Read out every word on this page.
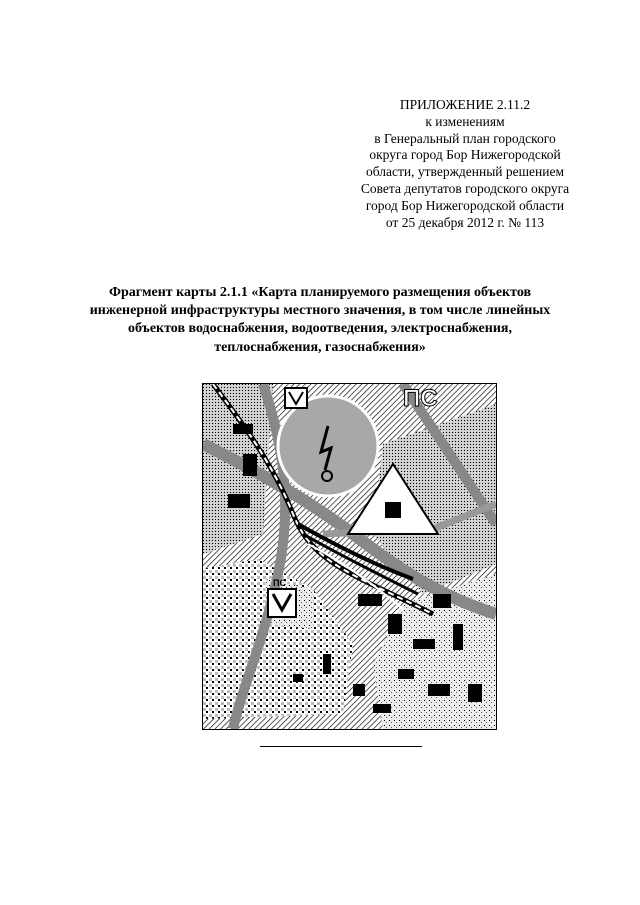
ПРИЛОЖЕНИЕ 2.11.2
к изменениям
в Генеральный план городского
округа город Бор Нижегородской
области, утвержденный решением
Совета депутатов городского округа
город Бор Нижегородской области
от 25 декабря 2012 г. № 113
Фрагмент карты 2.1.1 «Карта планируемого размещения объектов
инженерной инфраструктуры местного значения, в том числе линейных
объектов водоснабжения, водоотведения, электроснабжения,
теплоснабжения, газоснабжения»
ПС
ПС
